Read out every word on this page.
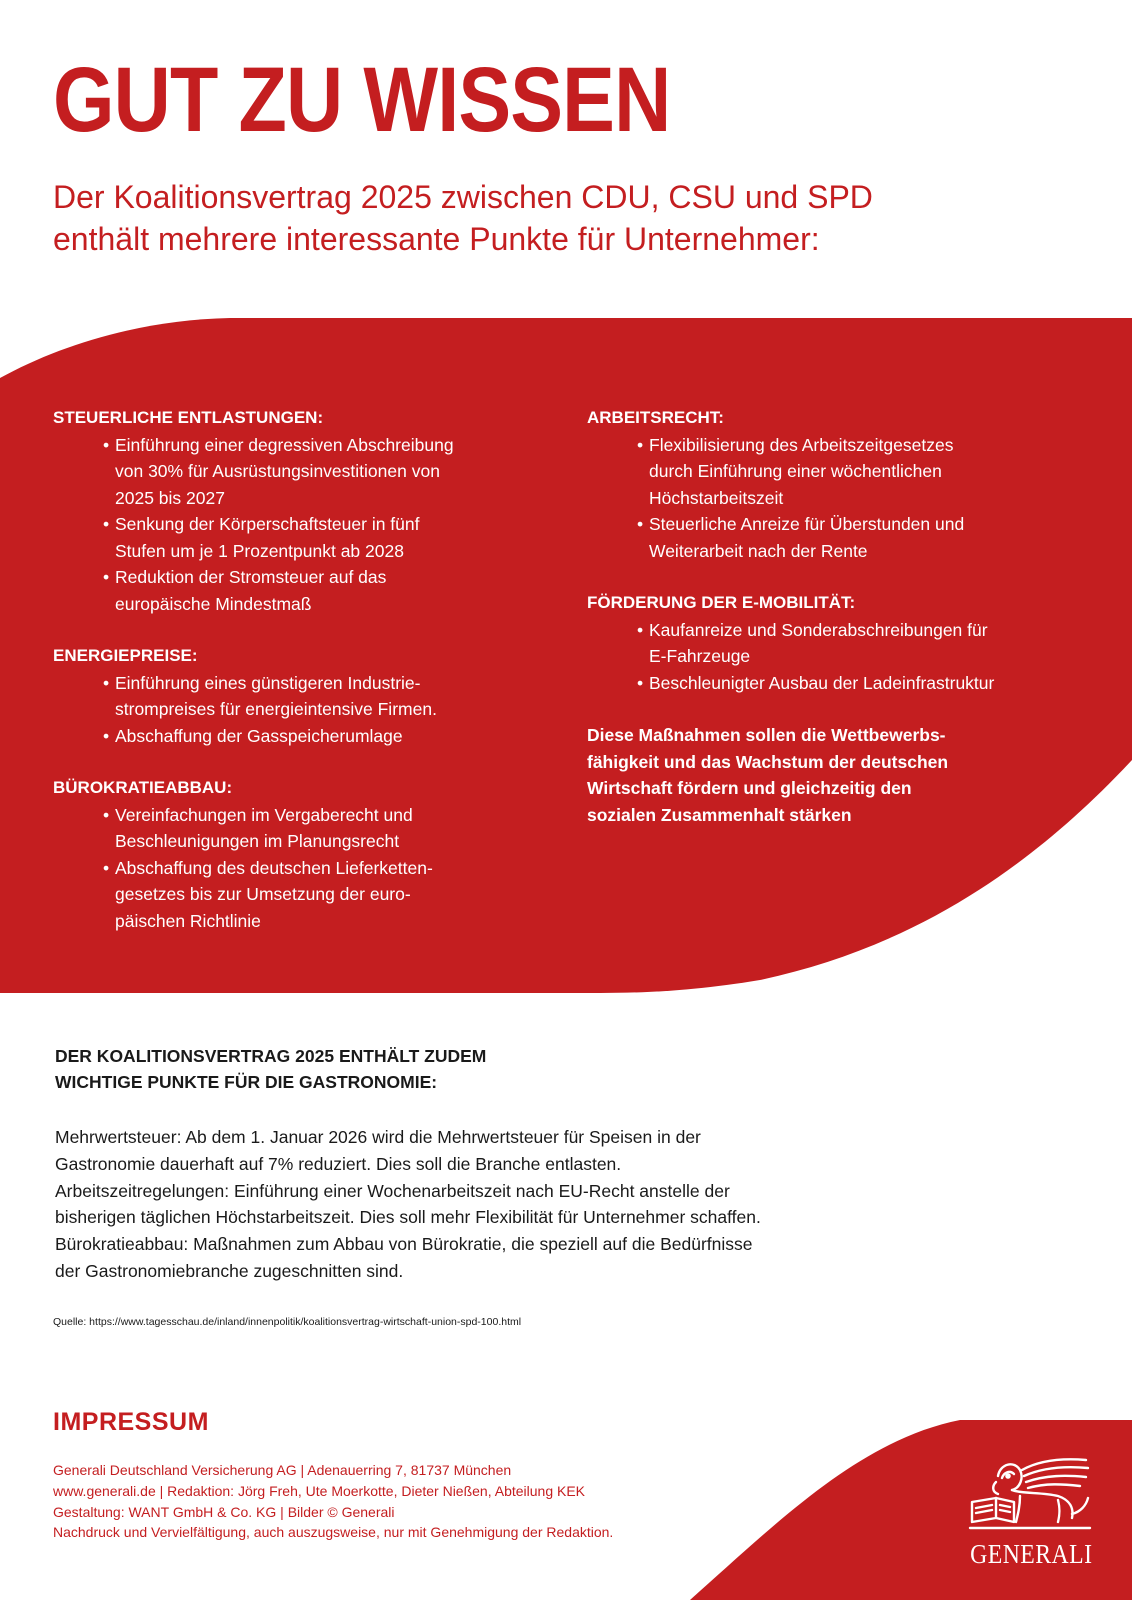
GUT ZU WISSEN
Der Koalitionsvertrag 2025 zwischen CDU, CSU und SPD
enthält mehrere interessante Punkte für Unternehmer:

STEUERLICHE ENTLASTUNGEN:

• Einführung einer degressiven Abschreibung
von 30% für Ausrüstungsinvestitionen von
2025 bis 2027
• Senkung der Körperschaftsteuer in fünf
Stufen um je 1 Prozentpunkt ab 2028
• Reduktion der Stromsteuer auf das
europäische Mindestmaß

ENERGIEPREISE:

• Einführung eines günstigeren Industrie-
strompreises für energieintensive Firmen.
• Abschaffung der Gasspeicherumlage

BÜROKRATIEABBAU:

• Vereinfachungen im Vergaberecht und
Beschleunigungen im Planungsrecht
• Abschaffung des deutschen Lieferketten-
gesetzes bis zur Umsetzung der euro-
päischen Richtlinie

ARBEITSRECHT:

• Flexibilisierung des Arbeitszeitgesetzes
durch Einführung einer wöchentlichen
Höchstarbeitszeit
• Steuerliche Anreize für Überstunden und
Weiterarbeit nach der Rente

FÖRDERUNG DER E-MOBILITÄT:

• Kaufanreize und Sonderabschreibungen für
E-Fahrzeuge
• Beschleunigter Ausbau der Ladeinfrastruktur

Diese Maßnahmen sollen die Wettbewerbs-
fähigkeit und das Wachstum der deutschen
Wirtschaft fördern und gleichzeitig den
sozialen Zusammenhalt stärken

DER KOALITIONSVERTRAG 2025 ENTHÄLT ZUDEM
WICHTIGE PUNKTE FÜR DIE GASTRONOMIE:

Mehrwertsteuer: Ab dem 1. Januar 2026 wird die Mehrwertsteuer für Speisen in der
Gastronomie dauerhaft auf 7% reduziert. Dies soll die Branche entlasten.
Arbeitszeitregelungen: Einführung einer Wochenarbeitszeit nach EU-Recht anstelle der
bisherigen täglichen Höchstarbeitszeit. Dies soll mehr Flexibilität für Unternehmer schaffen.
Bürokratieabbau: Maßnahmen zum Abbau von Bürokratie, die speziell auf die Bedürfnisse
der Gastronomiebranche zugeschnitten sind.

Quelle: https://www.tagesschau.de/inland/innenpolitik/koalitionsvertrag-wirtschaft-union-spd-100.html
IMPRESSUM
Generali Deutschland Versicherung AG | Adenauerring 7, 81737 München
www.generali.de | Redaktion: Jörg Freh, Ute Moerkotte, Dieter Nießen, Abteilung KEK
Gestaltung: WANT GmbH & Co. KG | Bilder © Generali
Nachdruck und Vervielfältigung, auch auszugsweise, nur mit Genehmigung der Redaktion.
GENERALI
